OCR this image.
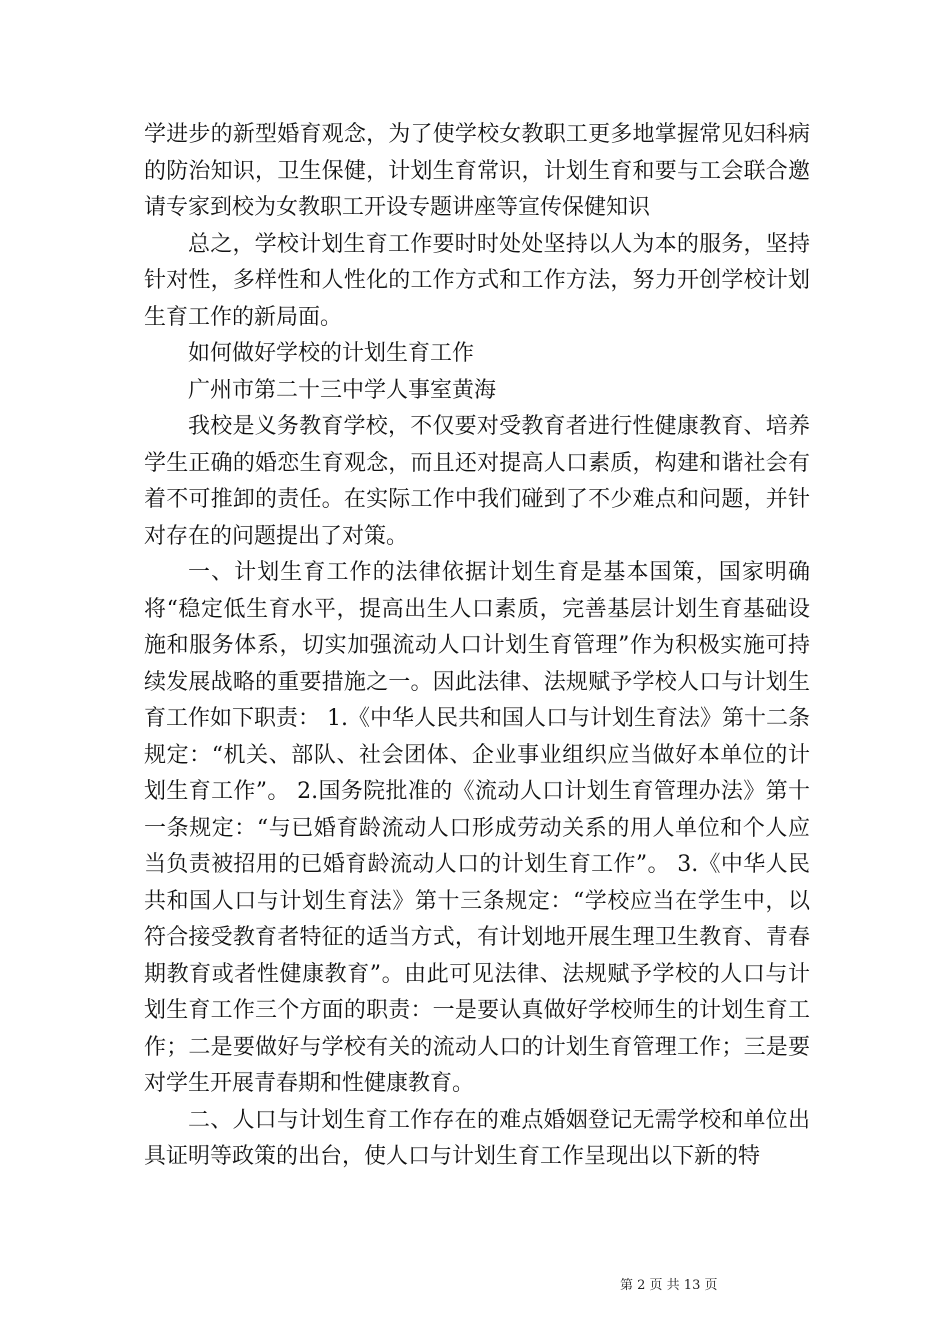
学进步的新型婚育观念，为了使学校女教职工更多地掌握常见妇科病的防治知识，卫生保健，计划生育常识，计划生育和要与工会联合邀请专家到校为女教职工开设专题讲座等宣传保健知识

总之，学校计划生育工作要时时处处坚持以人为本的服务，坚持针对性，多样性和人性化的工作方式和工作方法，努力开创学校计划生育工作的新局面。

如何做好学校的计划生育工作

广州市第二十三中学人事室黄海

我校是义务教育学校，不仅要对受教育者进行性健康教育、培养学生正确的婚恋生育观念，而且还对提高人口素质，构建和谐社会有着不可推卸的责任。在实际工作中我们碰到了不少难点和问题，并针对存在的问题提出了对策。

一、计划生育工作的法律依据计划生育是基本国策，国家明确将“稳定低生育水平，提高出生人口素质，完善基层计划生育基础设施和服务体系，切实加强流动人口计划生育管理”作为积极实施可持续发展战略的重要措施之一。因此法律、法规赋予学校人口与计划生育工作如下职责： 1.《中华人民共和国人口与计划生育法》第十二条规定：“机关、部队、社会团体、企业事业组织应当做好本单位的计划生育工作”。 2.国务院批准的《流动人口计划生育管理办法》第十一条规定：“与已婚育龄流动人口形成劳动关系的用人单位和个人应当负责被招用的已婚育龄流动人口的计划生育工作”。 3.《中华人民共和国人口与计划生育法》第十三条规定：“学校应当在学生中，以符合接受教育者特征的适当方式，有计划地开展生理卫生教育、青春期教育或者性健康教育”。由此可见法律、法规赋予学校的人口与计划生育工作三个方面的职责：一是要认真做好学校师生的计划生育工作；二是要做好与学校有关的流动人口的计划生育管理工作；三是要对学生开展青春期和性健康教育。

二、人口与计划生育工作存在的难点婚姻登记无需学校和单位出具证明等政策的出台，使人口与计划生育工作呈现出以下新的特

第 2 页 共 13 页
